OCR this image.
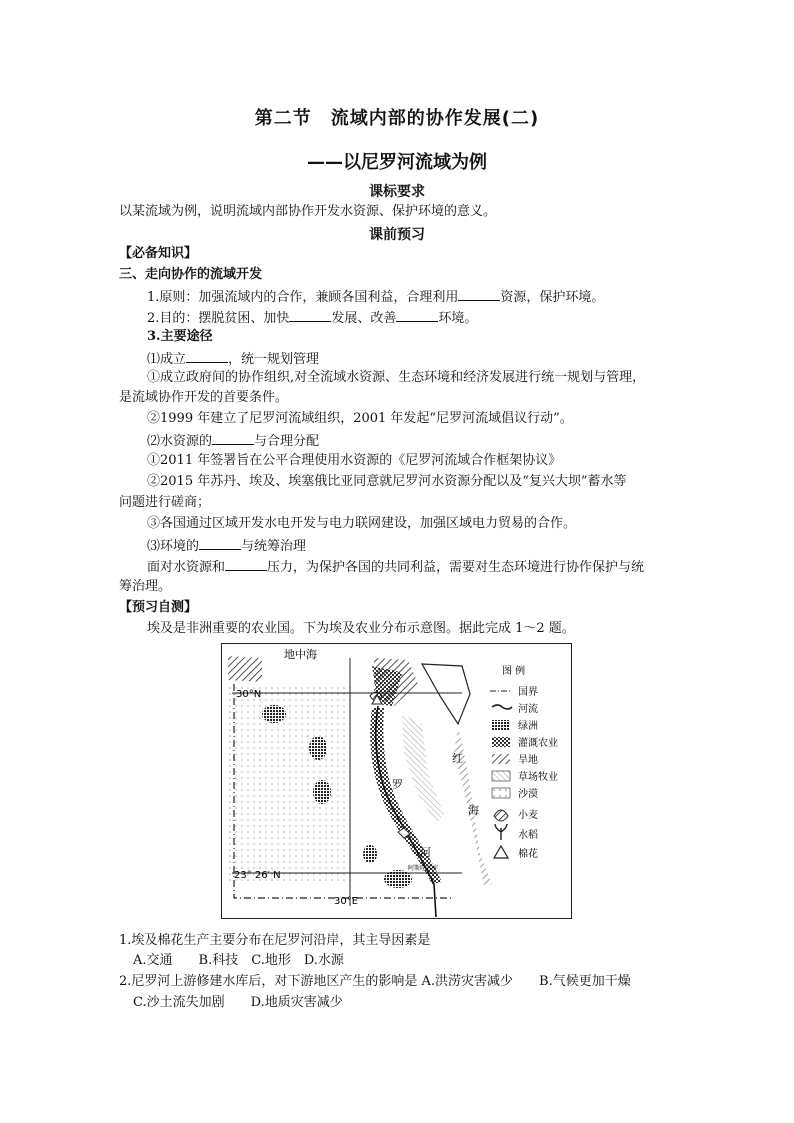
第二节　流域内部的协作发展(二)
——以尼罗河流域为例
课标要求
以某流域为例，说明流域内部协作开发水资源、保护环境的意义。
课前预习
【必备知识】
三、走向协作的流域开发
1.原则：加强流域内的合作，兼顾各国利益，合理利用	资源，保护环境。
2.目的：摆脱贫困、加快	发展、改善	环境。
3.主要途径
⑴成立	，统一规划管理
①成立政府间的协作组织,对全流域水资源、生态环境和经济发展进行统一规划与管理，
是流域协作开发的首要条件。
②1999 年建立了尼罗河流域组织，2001 年发起“尼罗河流域倡议行动”。
⑵水资源的	与合理分配
①2011 年签署旨在公平合理使用水资源的《尼罗河流域合作框架协议》
②2015 年苏丹、埃及、埃塞俄比亚同意就尼罗河水资源分配以及“复兴大坝”蓄水等
问题进行磋商；
③各国通过区域开发水电开发与电力联网建设，加强区域电力贸易的合作。
⑶环境的	与统筹治理
面对水资源和	压力，为保护各国的共同利益，需要对生态环境进行协作保护与统
筹治理。
【预习自测】
埃及是非洲重要的农业国。下为埃及农业分布示意图。据此完成 1～2 题。
地中海
30°N
23° 26′ N
30°E
罗
河
红
海
阿斯旺水库
图 例
国界
河流
绿洲
灌溉农业
旱地
草场牧业
沙漠
小麦
水稻
棉花
1.埃及棉花生产主要分布在尼罗河沿岸，其主导因素是
A.交通　　B.科技　C.地形　D.水源
2.尼罗河上游修建水库后，对下游地区产生的影响是 A.洪涝灾害减少　　B.气候更加干燥
C.沙土流失加剧　　D.地质灾害减少
